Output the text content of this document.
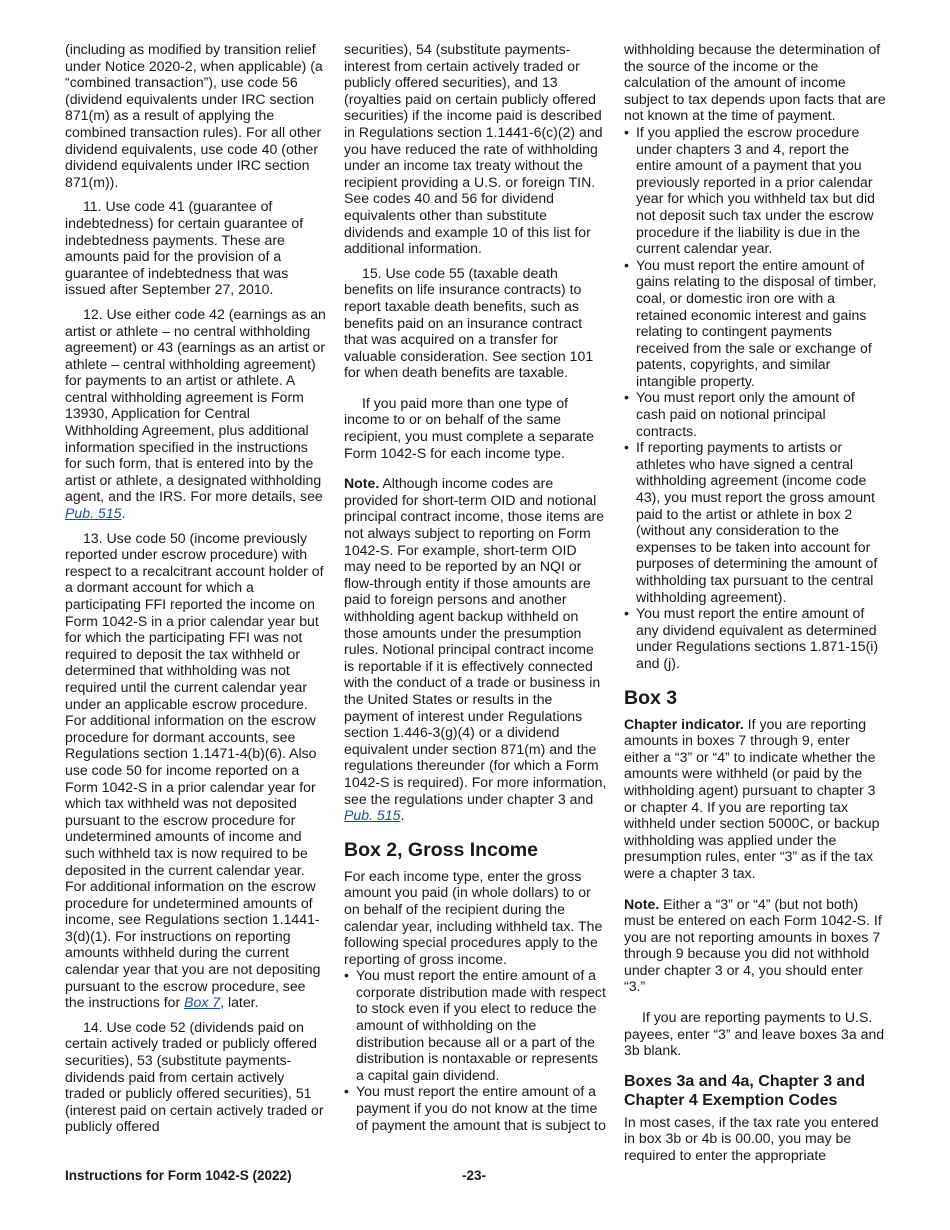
(including as modified by transition relief under Notice 2020-2, when applicable) (a “combined transaction”), use code 56 (dividend equivalents under IRC section 871(m) as a result of applying the combined transaction rules). For all other dividend equivalents, use code 40 (other dividend equivalents under IRC section 871(m)).

11. Use code 41 (guarantee of indebtedness) for certain guarantee of indebtedness payments. These are amounts paid for the provision of a guarantee of indebtedness that was issued after September 27, 2010.

12. Use either code 42 (earnings as an artist or athlete – no central withholding agreement) or 43 (earnings as an artist or athlete – central withholding agreement) for payments to an artist or athlete. A central withholding agreement is Form 13930, Application for Central Withholding Agreement, plus additional information specified in the instructions for such form, that is entered into by the artist or athlete, a designated withholding agent, and the IRS. For more details, see Pub. 515.

13. Use code 50 (income previously reported under escrow procedure) with respect to a recalcitrant account holder of a dormant account for which a participating FFI reported the income on Form 1042-S in a prior calendar year but for which the participating FFI was not required to deposit the tax withheld or determined that withholding was not required until the current calendar year under an applicable escrow procedure. For additional information on the escrow procedure for dormant accounts, see Regulations section 1.1471-4(b)(6). Also use code 50 for income reported on a Form 1042-S in a prior calendar year for which tax withheld was not deposited pursuant to the escrow procedure for undetermined amounts of income and such withheld tax is now required to be deposited in the current calendar year. For additional information on the escrow procedure for undetermined amounts of income, see Regulations section 1.1441-3(d)(1). For instructions on reporting amounts withheld during the current calendar year that you are not depositing pursuant to the escrow procedure, see the instructions for Box 7, later.

14. Use code 52 (dividends paid on certain actively traded or publicly offered securities), 53 (substitute payments-dividends paid from certain actively traded or publicly offered securities), 51 (interest paid on certain actively traded or publicly offered

securities), 54 (substitute payments-interest from certain actively traded or publicly offered securities), and 13 (royalties paid on certain publicly offered securities) if the income paid is described in Regulations section 1.1441-6(c)(2) and you have reduced the rate of withholding under an income tax treaty without the recipient providing a U.S. or foreign TIN. See codes 40 and 56 for dividend equivalents other than substitute dividends and example 10 of this list for additional information.

15. Use code 55 (taxable death benefits on life insurance contracts) to report taxable death benefits, such as benefits paid on an insurance contract that was acquired on a transfer for valuable consideration. See section 101 for when death benefits are taxable.

If you paid more than one type of income to or on behalf of the same recipient, you must complete a separate Form 1042-S for each income type.

Note. Although income codes are provided for short-term OID and notional principal contract income, those items are not always subject to reporting on Form 1042-S. For example, short-term OID may need to be reported by an NQI or flow-through entity if those amounts are paid to foreign persons and another withholding agent backup withheld on those amounts under the presumption rules. Notional principal contract income is reportable if it is effectively connected with the conduct of a trade or business in the United States or results in the payment of interest under Regulations section 1.446-3(g)(4) or a dividend equivalent under section 871(m) and the regulations thereunder (for which a Form 1042-S is required). For more information, see the regulations under chapter 3 and Pub. 515.

Box 2, Gross Income

For each income type, enter the gross amount you paid (in whole dollars) to or on behalf of the recipient during the calendar year, including withheld tax. The following special procedures apply to the reporting of gross income.

• You must report the entire amount of a corporate distribution made with respect to stock even if you elect to reduce the amount of withholding on the distribution because all or a part of the distribution is nontaxable or represents a capital gain dividend.

• You must report the entire amount of a payment if you do not know at the time of payment the amount that is subject to

withholding because the determination of the source of the income or the calculation of the amount of income subject to tax depends upon facts that are not known at the time of payment.

• If you applied the escrow procedure under chapters 3 and 4, report the entire amount of a payment that you previously reported in a prior calendar year for which you withheld tax but did not deposit such tax under the escrow procedure if the liability is due in the current calendar year.

• You must report the entire amount of gains relating to the disposal of timber, coal, or domestic iron ore with a retained economic interest and gains relating to contingent payments received from the sale or exchange of patents, copyrights, and similar intangible property.

• You must report only the amount of cash paid on notional principal contracts.

• If reporting payments to artists or athletes who have signed a central withholding agreement (income code 43), you must report the gross amount paid to the artist or athlete in box 2 (without any consideration to the expenses to be taken into account for purposes of determining the amount of withholding tax pursuant to the central withholding agreement).

• You must report the entire amount of any dividend equivalent as determined under Regulations sections 1.871-15(i) and (j).

Box 3

Chapter indicator. If you are reporting amounts in boxes 7 through 9, enter either a “3” or “4” to indicate whether the amounts were withheld (or paid by the withholding agent) pursuant to chapter 3 or chapter 4. If you are reporting tax withheld under section 5000C, or backup withholding was applied under the presumption rules, enter “3” as if the tax were a chapter 3 tax.

Note. Either a “3” or “4” (but not both) must be entered on each Form 1042-S. If you are not reporting amounts in boxes 7 through 9 because you did not withhold under chapter 3 or 4, you should enter “3.”

If you are reporting payments to U.S. payees, enter “3” and leave boxes 3a and 3b blank.

Boxes 3a and 4a, Chapter 3 and Chapter 4 Exemption Codes

In most cases, if the tax rate you entered in box 3b or 4b is 00.00, you may be required to enter the appropriate

Instructions for Form 1042-S (2022)	-23-
